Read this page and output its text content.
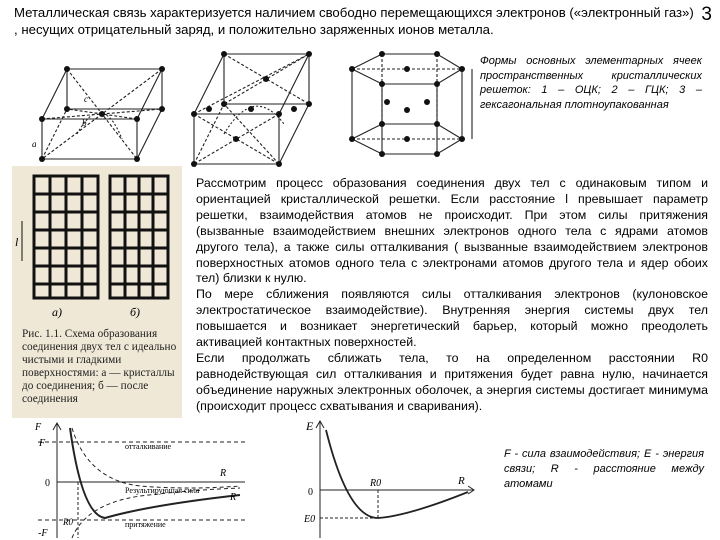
Металлическая связь характеризуется наличием свободно перемещающихся электронов («электронный газ») , несущих отрицательный заряд, и положительно заряженных ионов металла.
3
a
b
c
Формы основных элементарных ячеек пространственных кристаллических решеток: 1 – ОЦК; 2 – ГЦК; 3 – гексагональная плотноупакованная
l
а)	б)
Рис. 1.1. Схема образования соединения двух тел с идеально чистыми и гладкими поверхностями: а — кристаллы до соединения; б — после соединения

Рассмотрим процесс образования соединения двух тел с одинаковым типом и ориентацией кристаллической решетки. Если расстояние l превышает параметр решетки, взаимодействия атомов не происходит. При этом силы притяжения (вызванные взаимодействием внешних электронов одного тела с ядрами атомов другого тела), а также силы отталкивания ( вызванные взаимодействием электронов поверхностных атомов одного тела с электронами атомов другого тела и ядер обоих тел) близки к нулю.

По мере сближения появляются силы отталкивания электронов (кулоновское электростатическое взаимодействие). Внутренняя энергия системы двух тел повышается и возникает энергетический барьер, который можно преодолеть активацией контактных поверхностей.

Если продолжать сближать тела, то на определенном расстоянии R0 равнодействующая сил отталкивания и притяжения будет равна нулю, начинается объединение наружных электронных оболочек, а энергия системы достигает минимума (происходит процесс схватывания и сваривания).

F
F
0
-F
R
R
R0
отталкивание
Результирующая сила
притяжение
E
0
E0
R0	R
F - сила взаимодействия; E - энергия связи; R - расстояние между атомами
